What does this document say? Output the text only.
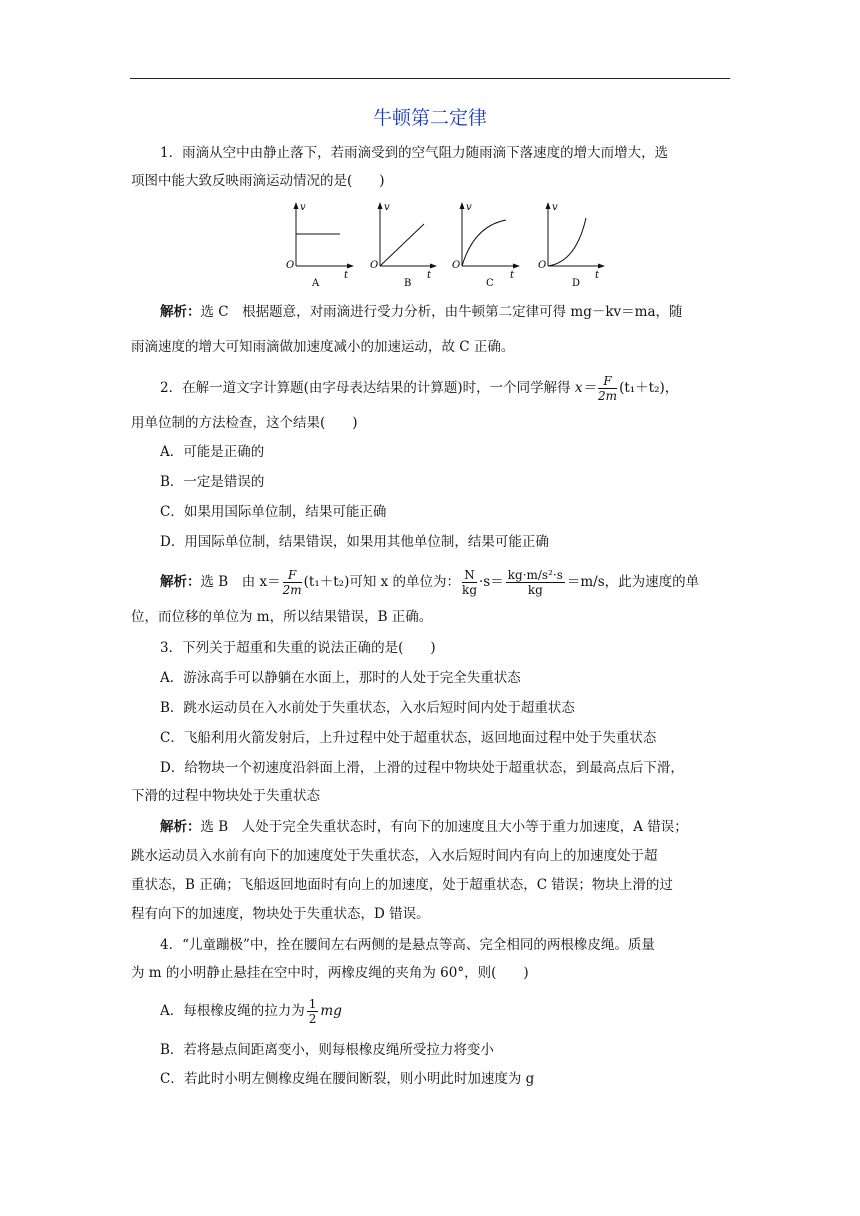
牛顿第二定律
1．雨滴从空中由静止落下，若雨滴受到的空气阻力随雨滴下落速度的增大而增大，选
项图中能大致反映雨滴运动情况的是(　　)
v
t
O
A
v
t
O
B
v
t
O
C
v
t
O
D
解析：选 C　根据题意，对雨滴进行受力分析，由牛顿第二定律可得 mg－kv＝ma，随
雨滴速度的增大可知雨滴做加速度减小的加速运动，故 C 正确。
2．在解一道文字计算题(由字母表达结果的计算题)时，一个同学解得 $x= \frac{F}{2m} (t_1+t_2)$，
用单位制的方法检查，这个结果(　　)
A．可能是正确的
B．一定是错误的
C．如果用国际单位制，结果可能正确
D．用国际单位制，结果错误，如果用其他单位制，结果可能正确
解析：选 B　由 $x= \frac{F}{2m} (t_1+t_2)$可知 x 的单位为： $\frac{N}{kg} \cdot s= \frac{\text{kg·m/s²·s}}{kg} =m/s$，此为速度的单
位，而位移的单位为 m，所以结果错误，B 正确。
3．下列关于超重和失重的说法正确的是(　　)
A．游泳高手可以静躺在水面上，那时的人处于完全失重状态
B．跳水运动员在入水前处于失重状态，入水后短时间内处于超重状态
C．飞船利用火箭发射后，上升过程中处于超重状态，返回地面过程中处于失重状态
D．给物块一个初速度沿斜面上滑，上滑的过程中物块处于超重状态，到最高点后下滑，
下滑的过程中物块处于失重状态
解析：选 B　人处于完全失重状态时，有向下的加速度且大小等于重力加速度，A 错误；
跳水运动员入水前有向下的加速度处于失重状态，入水后短时间内有向上的加速度处于超
重状态，B 正确；飞船返回地面时有向上的加速度，处于超重状态，C 错误；物块上滑的过
程有向下的加速度，物块处于失重状态，D 错误。
4．“儿童蹦极”中，拴在腰间左右两侧的是悬点等高、完全相同的两根橡皮绳。质量
为 m 的小明静止悬挂在空中时，两橡皮绳的夹角为 60°，则(　　)
A．每根橡皮绳的拉力为 $\frac{1}{2}$ mg
B．若将悬点间距离变小，则每根橡皮绳所受拉力将变小
C．若此时小明左侧橡皮绳在腰间断裂，则小明此时加速度为 g
